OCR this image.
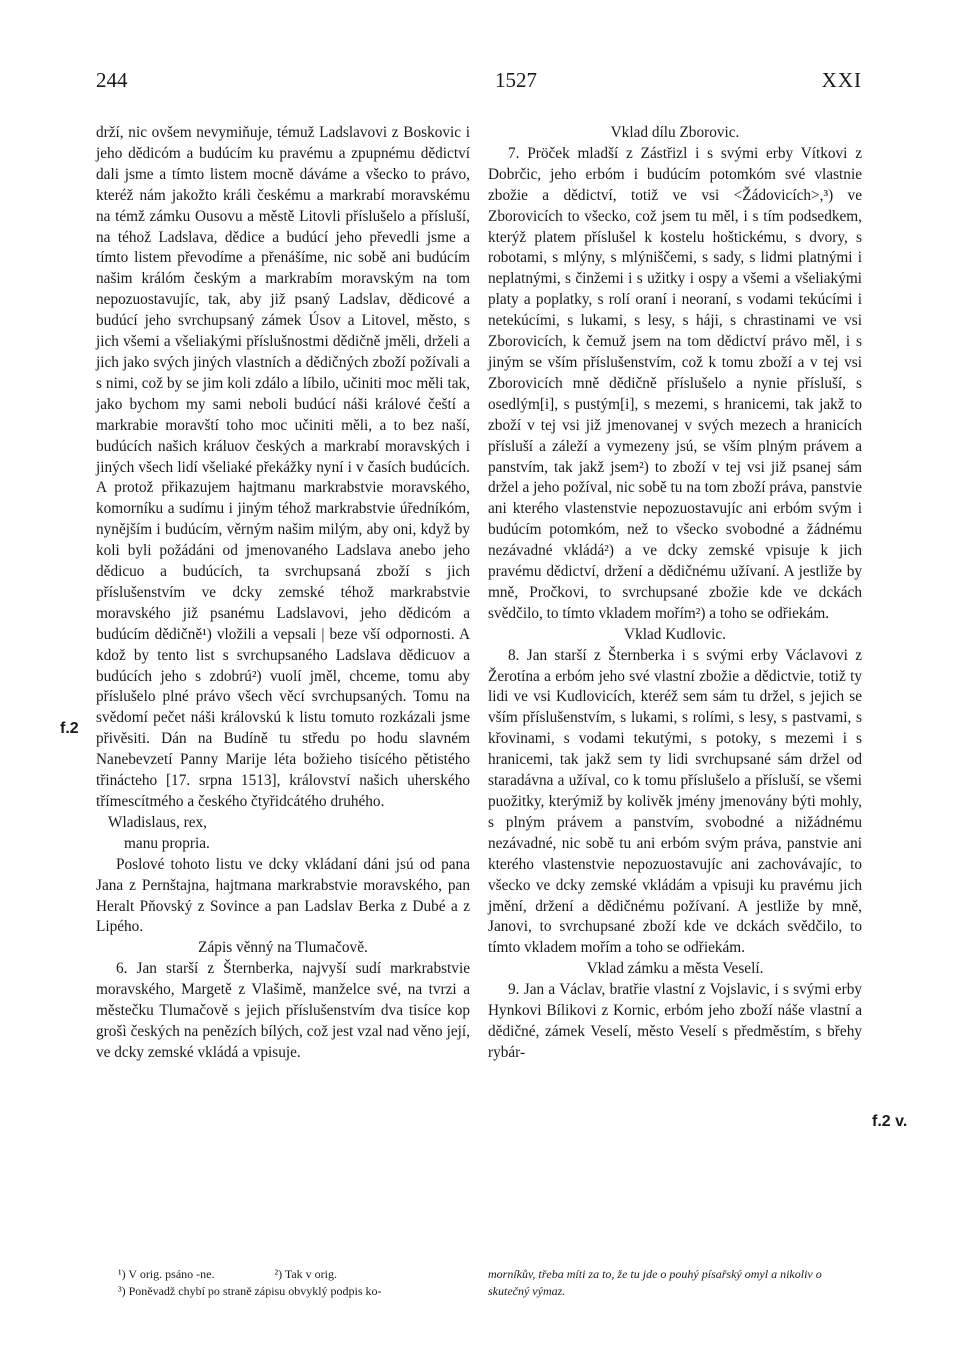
244	1527	XXI

drží, nic ovšem nevymiňuje, témuž Ladslavovi z Boskovic i jeho dědicóm a budúcím ku pravému a zpupnému dědictví dali jsme a tímto listem mocně dáváme a všecko to právo, kteréž nám jakožto králi českému a markrabí moravskému na témž zámku Ousovu a městě Litovli příslušelo a přísluší, na téhož Ladslava, dědice a budúcí jeho převedli jsme a tímto listem převodíme a přenášíme, nic sobě ani budúcím našim králóm českým a markrabím moravským na tom nepozuostavujíc, tak, aby již psaný Ladslav, dědicové a budúcí jeho svrchupsaný zámek Úsov a Litovel, město, s jich všemi a všeliakými příslušnostmi dědičně jměli, drželi a jich jako svých jiných vlastních a dědičných zboží požívali a s nimi, což by se jim koli zdálo a líbilo, učiniti moc měli tak, jako bychom my sami neboli budúcí náši králové čeští a markrabie moravští toho moc učiniti měli, a to bez naší, budúcích našich králuov českých a markrabí moravských i jiných všech lidí všeliaké překážky nyní i v časích budúcích. A protož přikazujem hajtmanu markrabstvie moravského, komorníku a sudímu i jiným téhož markrabstvie úředníkóm, nynějším i budúcím, věrným našim milým, aby oni, když by koli byli požádáni od jmenovaného Ladslava anebo jeho dědicuo a budúcích, ta svrchupsaná zboží s jich příslušenstvím ve dcky zemské téhož markrabstvie moravského již psanému Ladslavovi, jeho dědicóm a budúcím dědičně¹) vložili a vepsali | beze vší odpornosti. A kdož by tento list s svrchupsaného Ladslava dědicuov a budúcích jeho s zdobrú²) vuolí jměl, chceme, tomu aby příslušelo plné právo všech věcí svrchupsaných. Tomu na svědomí pečet náši královskú k listu tomuto rozkázali jsme přivěsiti. Dán na Budíně tu středu po hodu slavném Nanebevzetí Panny Marije léta božieho tisícého pětistého třinácteho [17. srpna 1513], království našich uherského třímescítmého a českého čtyřidcátého druhého.

Wladislaus, rex,

manu propria.

Poslové tohoto listu ve dcky vkládaní dáni jsú od pana Jana z Pernštajna, hajtmana markrabstvie moravského, pan Heralt Pňovský z Sovince a pan Ladslav Berka z Dubé a z Lipého.

Zápis věnný na Tlumačově.

6. Jan starší z Šternberka, najvyší sudí markrabstvie moravského, Margetě z Vlašimě, manželce své, na tvrzi a městečku Tlumačově s jejich příslušenstvím dva tisíce kop grošì českých na penězích bílých, což jest vzal nad věno její, ve dcky zemské vkládá a vpisuje.

Vklad dílu Zborovic.

7. Pröček mladší z Zástřizl i s svými erby Vítkovi z Dobrčic, jeho erbóm i budúcím potomkóm své vlastnie zbožie a dědictví, totiž ve vsi <Žádovicích>,³) ve Zborovicích to všecko, což jsem tu měl, i s tím podsedkem, kterýž platem příslušel k kostelu hoštickému, s dvory, s robotami, s mlýny, s mlýniščemi, s sady, s lidmi platnými i neplatnými, s činžemi i s užitky i ospy a všemi a všeliakými platy a poplatky, s rolí oraní i neoraní, s vodami tekúcími i netekúcími, s lukami, s lesy, s háji, s chrastinami ve vsi Zborovicích, k čemuž jsem na tom dědictví právo měl, i s jiným se vším příslušenstvím, což k tomu zboží a v tej vsi Zborovicích mně dědičně příslušelo a nynie přísluší, s osedlým[i], s pustým[i], s mezemi, s hranicemi, tak jakž to zboží v tej vsi již jmenovanej v svých mezech a hranicích přísluší a záleží a vymezeny jsú, se vším plným právem a panstvím, tak jakž jsem²) to zboží v tej vsi již psanej sám držel a jeho požíval, nic sobě tu na tom zboží práva, panstvie ani kterého vlastenstvie nepozuostavujíc ani erbóm svým i budúcím potomkóm, než to všecko svobodné a žádnému nezávadné vkládá²) a ve dcky zemské vpisuje k jich pravému dědictví, držení a dědičnému užívaní. A jestliže by mně, Pročkovi, to svrchupsané zbožie kde ve dckách svědčilo, to tímto vkladem mořím²) a toho se odřiekám.

Vklad Kudlovic.

8. Jan starší z Šternberka i s svými erby Václavovi z Žerotína a erbóm jeho své vlastní zbožie a dědictvie, totiž ty lidi ve vsi Kudlovicích, kteréž sem sám tu držel, s jejich se vším příslušenstvím, s lukami, s rolími, s lesy, s pastvami, s křovinami, s vodami tekutými, s potoky, s mezemi i s hranicemi, tak jakž sem ty lidi svrchupsané sám držel od staradávna a užíval, co k tomu příslušelo a přísluší, se všemi puožitky, kterýmiž by kolivěk jmény jmenovány býti mohly, s plným právem a panstvím, svobodné a nižádnému nezávadné, nic sobě tu ani erbóm svým práva, panstvie ani kterého vlastenstvie nepozuostavujíc ani zachovávajíc, to všecko ve dcky zemské vkládám a vpisuji ku pravému jich jmění, držení a dědičnému požívaní. A jestliže by mně, Janovi, to svrchupsané zboží kde ve dckách svědčilo, to tímto vkladem mořím a toho se odřiekám.

Vklad zámku a města Veselí.

9. Jan a Václav, bratřie vlastní z Vojslavic, i s svými erby Hynkovi Bílikovi z Kornic, erbóm jeho zboží náše vlastní a dědičné, zámek Veselí, město Veselí s předměstím, s břehy rybár-

f.2
f.2 v.

¹) V orig. psáno -ne.	²) Tak v orig.

³) Poněvadž chybí po straně zápisu obvyklý podpis ko-

morníkův, třeba míti za to, že tu jde o pouhý písařský omyl a nikoliv o skutečný výmaz.
